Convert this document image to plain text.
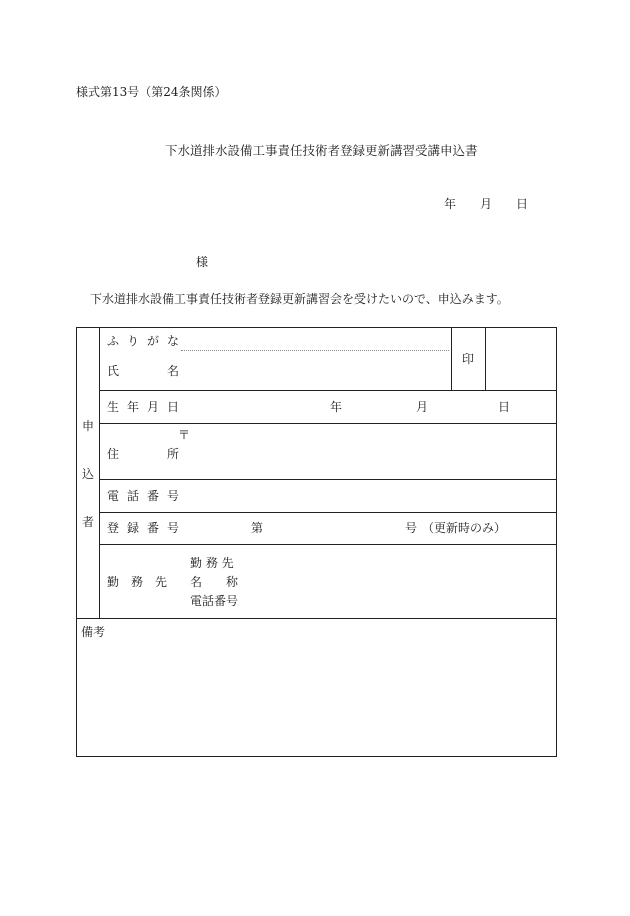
様式第13号（第24条関係）
下水道排水設備工事責任技術者登録更新講習受講申込書
年 月 日
様
下水道排水設備工事責任技術者登録更新講習会を受けたいので、申込みます。
申
込
者
ふ り が な
氏	名
印
生 年 月 日	年	月	日
〒
住	所
電 話 番 号
登 録 番 号	第	号 （更新時のみ）
勤 務 先
勤 務 先
名 称
電話番号
備考
